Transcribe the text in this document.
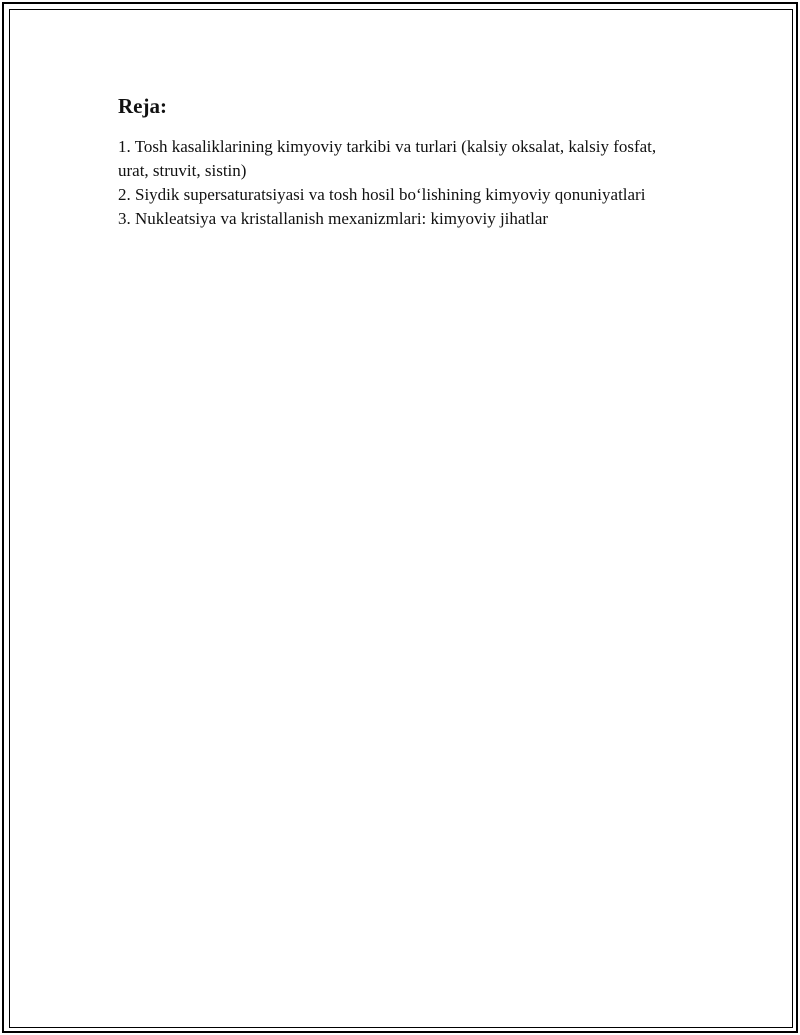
Reja:
1. Tosh kasaliklarining kimyoviy tarkibi va turlari (kalsiy oksalat, kalsiy fosfat, urat, struvit, sistin)
2. Siydik supersaturatsiyasi va tosh hosil bo‘lishining kimyoviy qonuniyatlari
3. Nukleatsiya va kristallanish mexanizmlari: kimyoviy jihatlar
